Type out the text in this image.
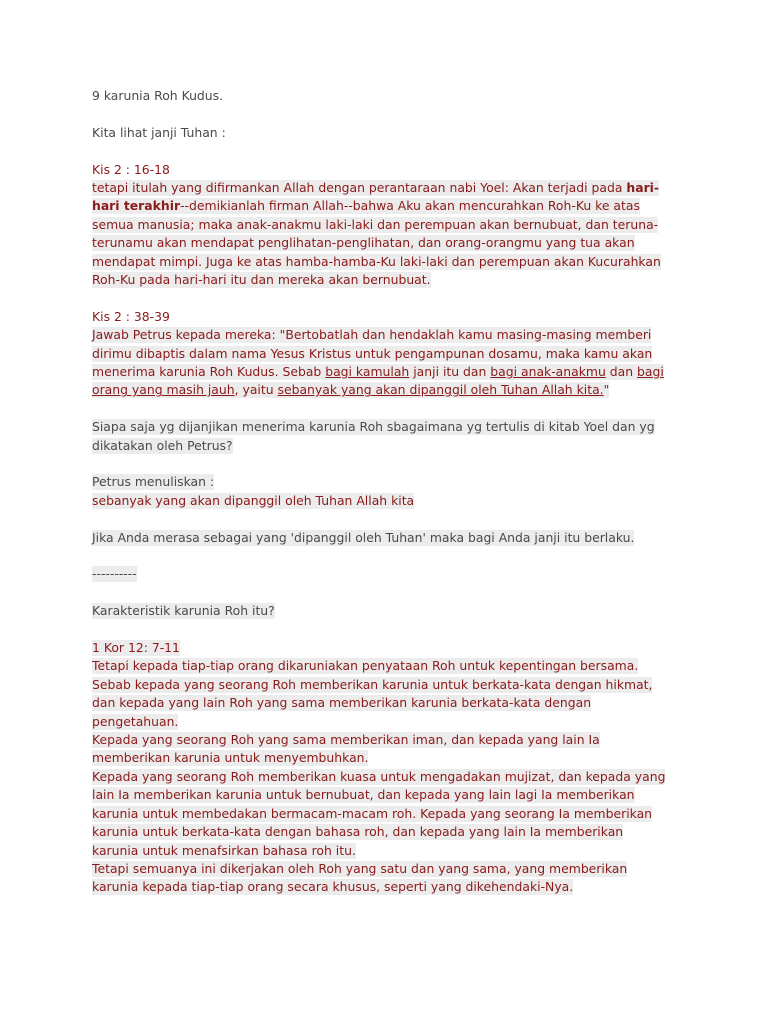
9 karunia Roh Kudus.
Kita lihat janji Tuhan :
Kis 2 : 16-18
tetapi itulah yang difirmankan Allah dengan perantaraan nabi Yoel: Akan terjadi pada hari-
hari terakhir--demikianlah firman Allah--bahwa Aku akan mencurahkan Roh-Ku ke atas
semua manusia; maka anak-anakmu laki-laki dan perempuan akan bernubuat, dan teruna-
terunamu akan mendapat penglihatan-penglihatan, dan orang-orangmu yang tua akan
mendapat mimpi. Juga ke atas hamba-hamba-Ku laki-laki dan perempuan akan Kucurahkan
Roh-Ku pada hari-hari itu dan mereka akan bernubuat.
Kis 2 : 38-39
Jawab Petrus kepada mereka: "Bertobatlah dan hendaklah kamu masing-masing memberi
dirimu dibaptis dalam nama Yesus Kristus untuk pengampunan dosamu, maka kamu akan
menerima karunia Roh Kudus. Sebab bagi kamulah janji itu dan bagi anak-anakmu dan bagi
orang yang masih jauh, yaitu sebanyak yang akan dipanggil oleh Tuhan Allah kita."
Siapa saja yg dijanjikan menerima karunia Roh sbagaimana yg tertulis di kitab Yoel dan yg
dikatakan oleh Petrus?
Petrus menuliskan :
sebanyak yang akan dipanggil oleh Tuhan Allah kita
Jika Anda merasa sebagai yang 'dipanggil oleh Tuhan' maka bagi Anda janji itu berlaku.
----------
Karakteristik karunia Roh itu?
1 Kor 12: 7-11
Tetapi kepada tiap-tiap orang dikaruniakan penyataan Roh untuk kepentingan bersama.
Sebab kepada yang seorang Roh memberikan karunia untuk berkata-kata dengan hikmat,
dan kepada yang lain Roh yang sama memberikan karunia berkata-kata dengan
pengetahuan.
Kepada yang seorang Roh yang sama memberikan iman, dan kepada yang lain Ia
memberikan karunia untuk menyembuhkan.
Kepada yang seorang Roh memberikan kuasa untuk mengadakan mujizat, dan kepada yang
lain Ia memberikan karunia untuk bernubuat, dan kepada yang lain lagi Ia memberikan
karunia untuk membedakan bermacam-macam roh. Kepada yang seorang Ia memberikan
karunia untuk berkata-kata dengan bahasa roh, dan kepada yang lain Ia memberikan
karunia untuk menafsirkan bahasa roh itu.
Tetapi semuanya ini dikerjakan oleh Roh yang satu dan yang sama, yang memberikan
karunia kepada tiap-tiap orang secara khusus, seperti yang dikehendaki-Nya.
